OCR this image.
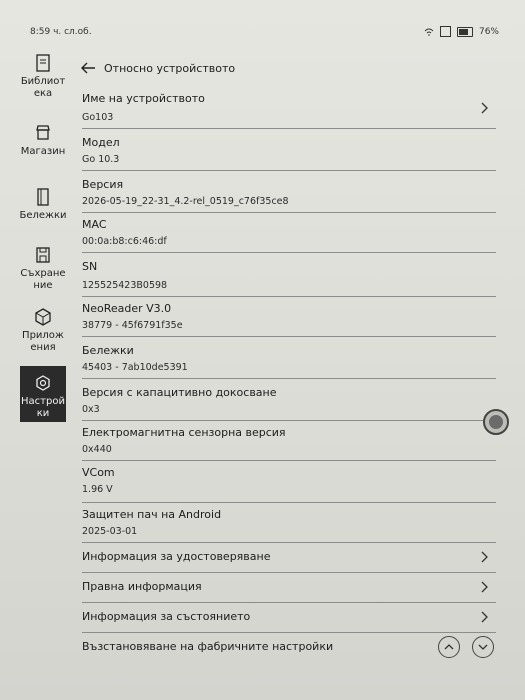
8:59 ч. сл.об.	76%
Библиот ека
Магазин
Бележки
Съхране ние
Прилож ения
Настрой ки
Относно устройството
Име на устройството
Go103
Модел
Go 10.3
Версия
2026-05-19_22-31_4.2-rel_0519_c76f35ce8
MAC
00:0a:b8:c6:46:df
SN
125525423B0598
NeoReader V3.0
38779 - 45f6791f35e
Бележки
45403 - 7ab10de5391
Версия с капацитивно докосване
0x3
Електромагнитна сензорна версия
0x440
VCom
1.96 V
Защитен пач на Android
2025-03-01
Информация за удостоверяване
Правна информация
Информация за състоянието
Възстановяване на фабричните настройки
